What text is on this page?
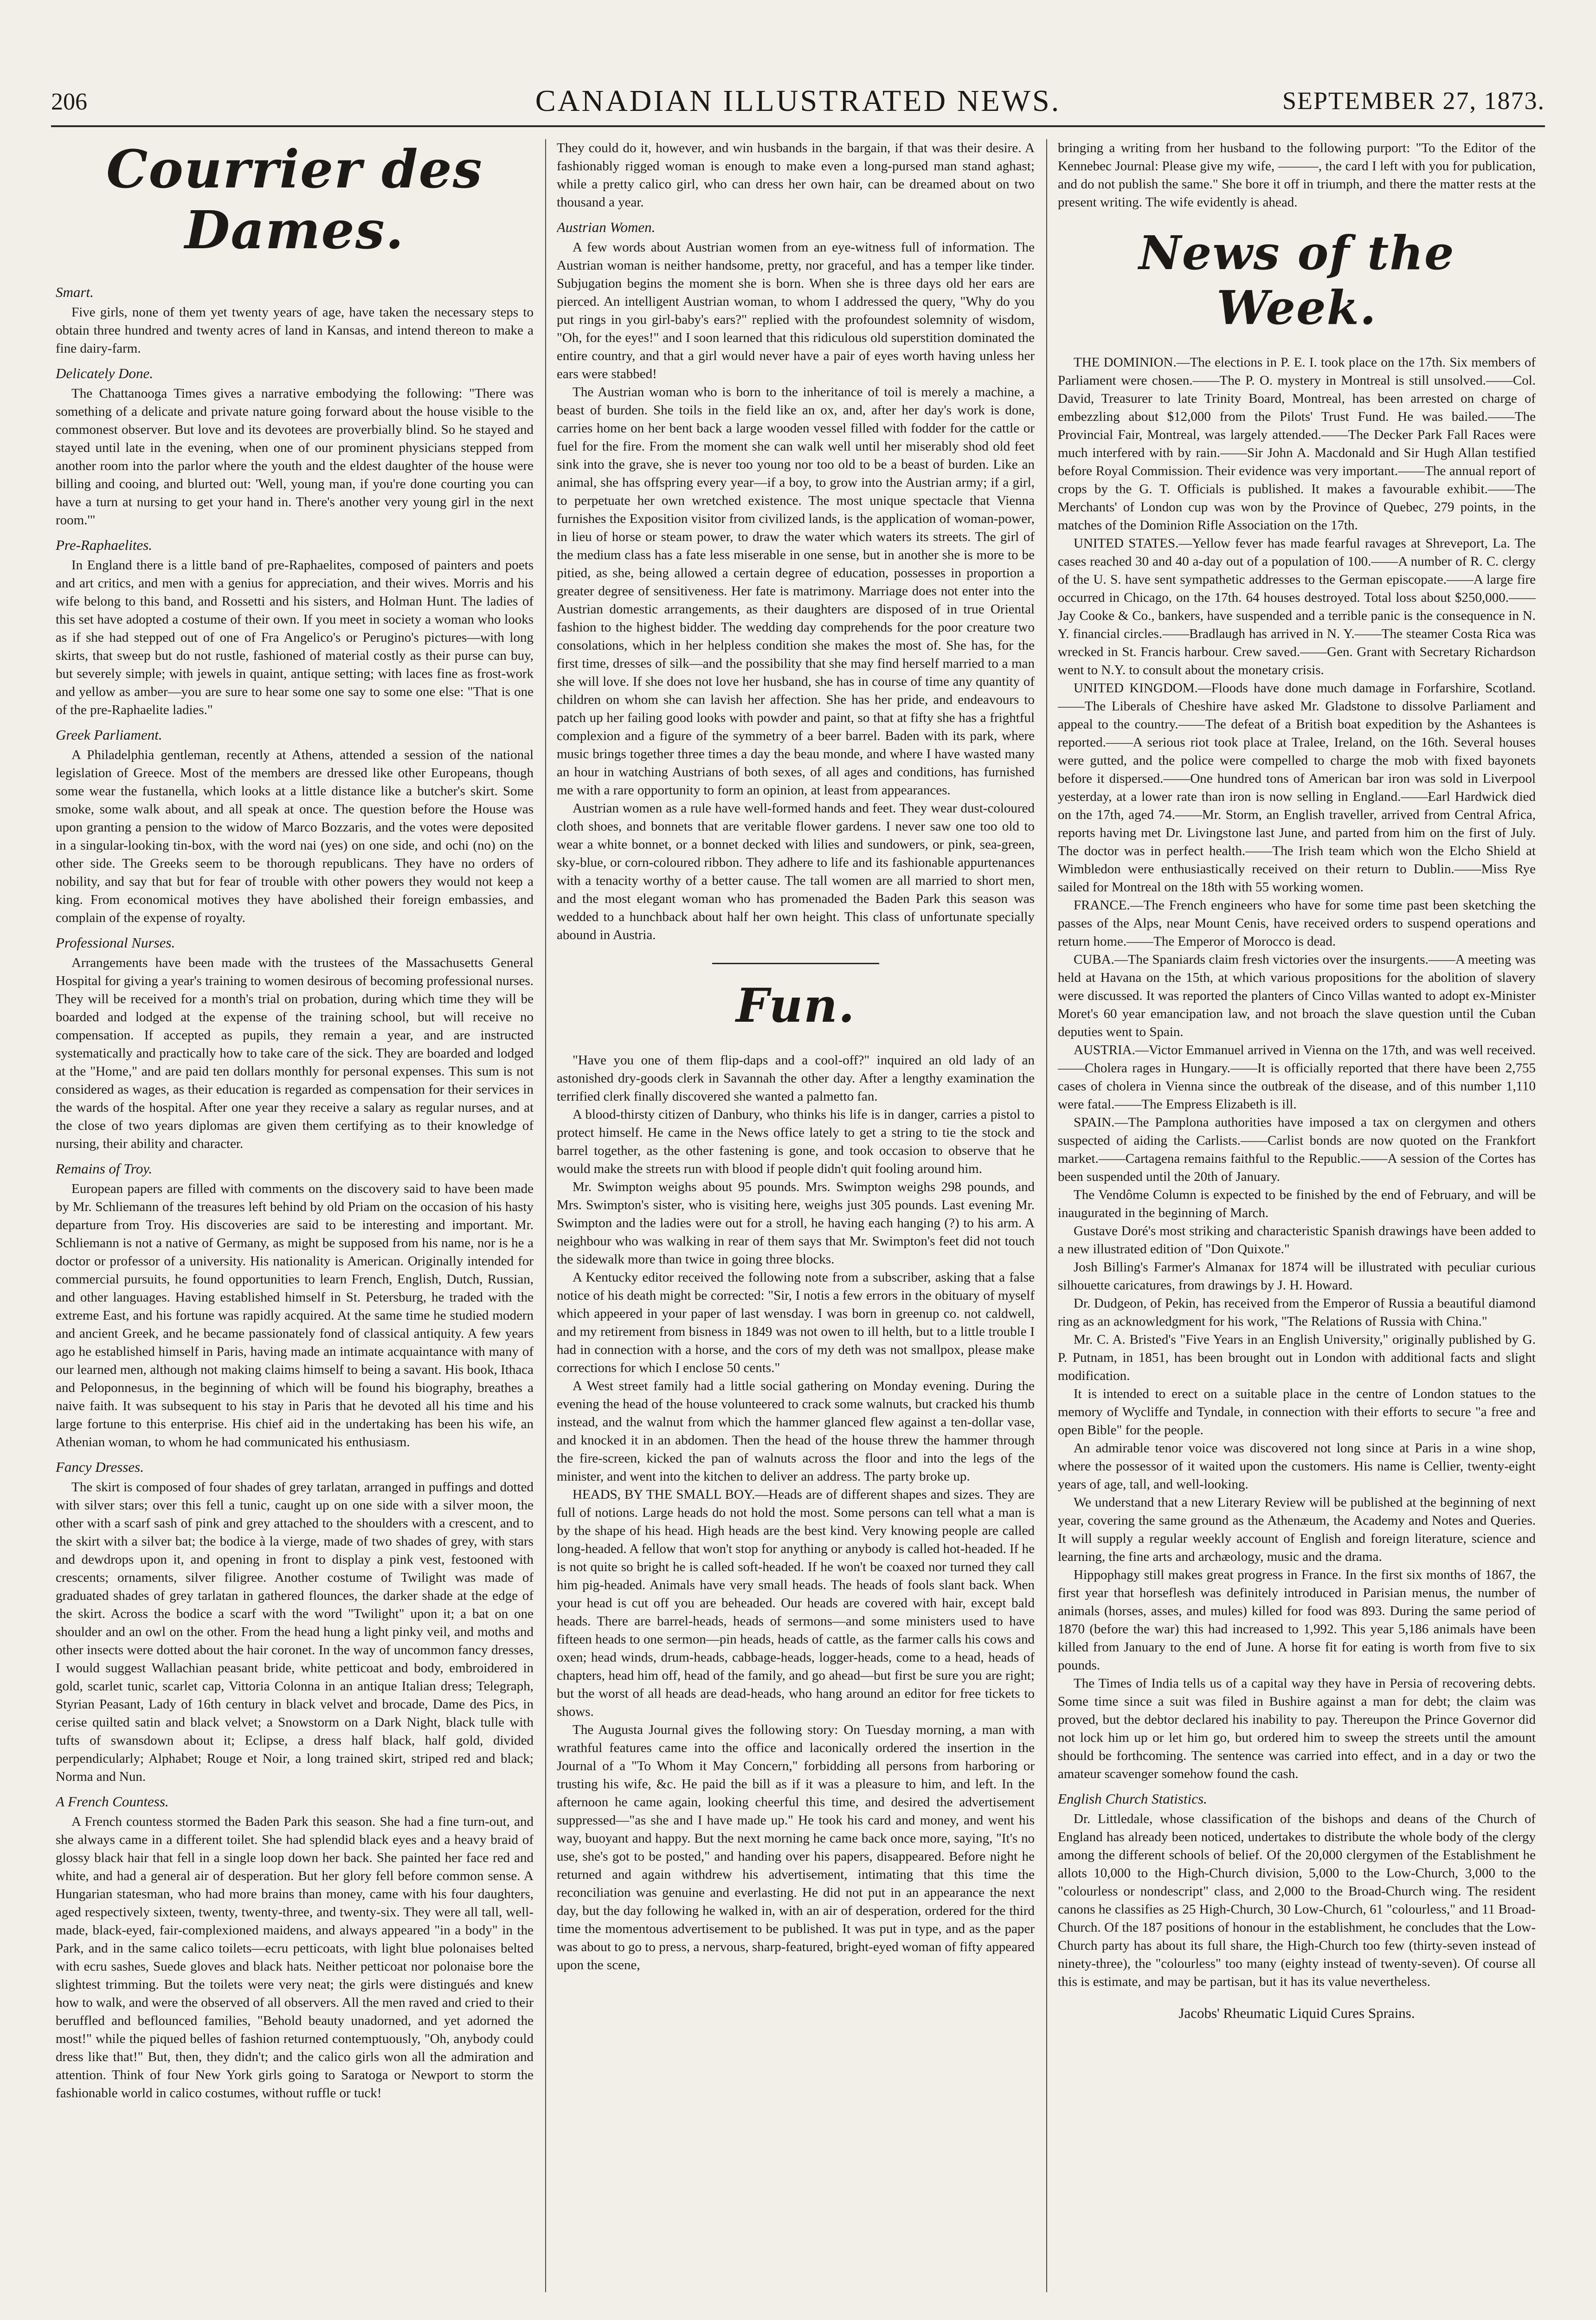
206	CANADIAN ILLUSTRATED NEWS.	SEPTEMBER 27, 1873.
Courrier des Dames.
Smart.

Five girls, none of them yet twenty years of age, have taken the necessary steps to obtain three hundred and twenty acres of land in Kansas, and intend thereon to make a fine dairy-farm.

Delicately Done.

The Chattanooga Times gives a narrative embodying the following: "There was something of a delicate and private nature going forward about the house visible to the commonest observer. But love and its devotees are proverbially blind. So he stayed and stayed until late in the evening, when one of our prominent physicians stepped from another room into the parlor where the youth and the eldest daughter of the house were billing and cooing, and blurted out: 'Well, young man, if you're done courting you can have a turn at nursing to get your hand in. There's another very young girl in the next room.'"

Pre-Raphaelites.

In England there is a little band of pre-Raphaelites, composed of painters and poets and art critics, and men with a genius for appreciation, and their wives. Morris and his wife belong to this band, and Rossetti and his sisters, and Holman Hunt. The ladies of this set have adopted a costume of their own. If you meet in society a woman who looks as if she had stepped out of one of Fra Angelico's or Perugino's pictures—with long skirts, that sweep but do not rustle, fashioned of material costly as their purse can buy, but severely simple; with jewels in quaint, antique setting; with laces fine as frost-work and yellow as amber—you are sure to hear some one say to some one else: "That is one of the pre-Raphaelite ladies."

Greek Parliament.

A Philadelphia gentleman, recently at Athens, attended a session of the national legislation of Greece. Most of the members are dressed like other Europeans, though some wear the fustanella, which looks at a little distance like a butcher's skirt. Some smoke, some walk about, and all speak at once. The question before the House was upon granting a pension to the widow of Marco Bozzaris, and the votes were deposited in a singular-looking tin-box, with the word nai (yes) on one side, and ochi (no) on the other side. The Greeks seem to be thorough republicans. They have no orders of nobility, and say that but for fear of trouble with other powers they would not keep a king. From economical motives they have abolished their foreign embassies, and complain of the expense of royalty.

Professional Nurses.

Arrangements have been made with the trustees of the Massachusetts General Hospital for giving a year's training to women desirous of becoming professional nurses. They will be received for a month's trial on probation, during which time they will be boarded and lodged at the expense of the training school, but will receive no compensation. If accepted as pupils, they remain a year, and are instructed systematically and practically how to take care of the sick. They are boarded and lodged at the "Home," and are paid ten dollars monthly for personal expenses. This sum is not considered as wages, as their education is regarded as compensation for their services in the wards of the hospital. After one year they receive a salary as regular nurses, and at the close of two years diplomas are given them certifying as to their knowledge of nursing, their ability and character.

Remains of Troy.

European papers are filled with comments on the discovery said to have been made by Mr. Schliemann of the treasures left behind by old Priam on the occasion of his hasty departure from Troy. His discoveries are said to be interesting and important. Mr. Schliemann is not a native of Germany, as might be supposed from his name, nor is he a doctor or professor of a university. His nationality is American. Originally intended for commercial pursuits, he found opportunities to learn French, English, Dutch, Russian, and other languages. Having established himself in St. Petersburg, he traded with the extreme East, and his fortune was rapidly acquired. At the same time he studied modern and ancient Greek, and he became passionately fond of classical antiquity. A few years ago he established himself in Paris, having made an intimate acquaintance with many of our learned men, although not making claims himself to being a savant. His book, Ithaca and Peloponnesus, in the beginning of which will be found his biography, breathes a naive faith. It was subsequent to his stay in Paris that he devoted all his time and his large fortune to this enterprise. His chief aid in the undertaking has been his wife, an Athenian woman, to whom he had communicated his enthusiasm.

Fancy Dresses.

The skirt is composed of four shades of grey tarlatan, arranged in puffings and dotted with silver stars; over this fell a tunic, caught up on one side with a silver moon, the other with a scarf sash of pink and grey attached to the shoulders with a crescent, and to the skirt with a silver bat; the bodice à la vierge, made of two shades of grey, with stars and dewdrops upon it, and opening in front to display a pink vest, festooned with crescents; ornaments, silver filigree. Another costume of Twilight was made of graduated shades of grey tarlatan in gathered flounces, the darker shade at the edge of the skirt. Across the bodice a scarf with the word "Twilight" upon it; a bat on one shoulder and an owl on the other. From the head hung a light pinky veil, and moths and other insects were dotted about the hair coronet. In the way of uncommon fancy dresses, I would suggest Wallachian peasant bride, white petticoat and body, embroidered in gold, scarlet tunic, scarlet cap, Vittoria Colonna in an antique Italian dress; Telegraph, Styrian Peasant, Lady of 16th century in black velvet and brocade, Dame des Pics, in cerise quilted satin and black velvet; a Snowstorm on a Dark Night, black tulle with tufts of swansdown about it; Eclipse, a dress half black, half gold, divided perpendicularly; Alphabet; Rouge et Noir, a long trained skirt, striped red and black; Norma and Nun.

A French Countess.

A French countess stormed the Baden Park this season. She had a fine turn-out, and she always came in a different toilet. She had splendid black eyes and a heavy braid of glossy black hair that fell in a single loop down her back. She painted her face red and white, and had a general air of desperation. But her glory fell before common sense. A Hungarian statesman, who had more brains than money, came with his four daughters, aged respectively sixteen, twenty, twenty-three, and twenty-six. They were all tall, well-made, black-eyed, fair-complexioned maidens, and always appeared "in a body" in the Park, and in the same calico toilets—ecru petticoats, with light blue polonaises belted with ecru sashes, Suede gloves and black hats. Neither petticoat nor polonaise bore the slightest trimming. But the toilets were very neat; the girls were distingués and knew how to walk, and were the observed of all observers. All the men raved and cried to their beruffled and beflounced families, "Behold beauty unadorned, and yet adorned the most!" while the piqued belles of fashion returned contemptuously, "Oh, anybody could dress like that!" But, then, they didn't; and the calico girls won all the admiration and attention. Think of four New York girls going to Saratoga or Newport to storm the fashionable world in calico costumes, without ruffle or tuck!

They could do it, however, and win husbands in the bargain, if that was their desire. A fashionably rigged woman is enough to make even a long-pursed man stand aghast; while a pretty calico girl, who can dress her own hair, can be dreamed about on two thousand a year.

Austrian Women.

A few words about Austrian women from an eye-witness full of information. The Austrian woman is neither handsome, pretty, nor graceful, and has a temper like tinder. Subjugation begins the moment she is born. When she is three days old her ears are pierced. An intelligent Austrian woman, to whom I addressed the query, "Why do you put rings in you girl-baby's ears?" replied with the profoundest solemnity of wisdom, "Oh, for the eyes!" and I soon learned that this ridiculous old superstition dominated the entire country, and that a girl would never have a pair of eyes worth having unless her ears were stabbed!

The Austrian woman who is born to the inheritance of toil is merely a machine, a beast of burden. She toils in the field like an ox, and, after her day's work is done, carries home on her bent back a large wooden vessel filled with fodder for the cattle or fuel for the fire. From the moment she can walk well until her miserably shod old feet sink into the grave, she is never too young nor too old to be a beast of burden. Like an animal, she has offspring every year—if a boy, to grow into the Austrian army; if a girl, to perpetuate her own wretched existence. The most unique spectacle that Vienna furnishes the Exposition visitor from civilized lands, is the application of woman-power, in lieu of horse or steam power, to draw the water which waters its streets. The girl of the medium class has a fate less miserable in one sense, but in another she is more to be pitied, as she, being allowed a certain degree of education, possesses in proportion a greater degree of sensitiveness. Her fate is matrimony. Marriage does not enter into the Austrian domestic arrangements, as their daughters are disposed of in true Oriental fashion to the highest bidder. The wedding day comprehends for the poor creature two consolations, which in her helpless condition she makes the most of. She has, for the first time, dresses of silk—and the possibility that she may find herself married to a man she will love. If she does not love her husband, she has in course of time any quantity of children on whom she can lavish her affection. She has her pride, and endeavours to patch up her failing good looks with powder and paint, so that at fifty she has a frightful complexion and a figure of the symmetry of a beer barrel. Baden with its park, where music brings together three times a day the beau monde, and where I have wasted many an hour in watching Austrians of both sexes, of all ages and conditions, has furnished me with a rare opportunity to form an opinion, at least from appearances.

Austrian women as a rule have well-formed hands and feet. They wear dust-coloured cloth shoes, and bonnets that are veritable flower gardens. I never saw one too old to wear a white bonnet, or a bonnet decked with lilies and sundowers, or pink, sea-green, sky-blue, or corn-coloured ribbon. They adhere to life and its fashionable appurtenances with a tenacity worthy of a better cause. The tall women are all married to short men, and the most elegant woman who has promenaded the Baden Park this season was wedded to a hunchback about half her own height. This class of unfortunate specially abound in Austria.

Fun.

"Have you one of them flip-daps and a cool-off?" inquired an old lady of an astonished dry-goods clerk in Savannah the other day. After a lengthy examination the terrified clerk finally discovered she wanted a palmetto fan.

A blood-thirsty citizen of Danbury, who thinks his life is in danger, carries a pistol to protect himself. He came in the News office lately to get a string to tie the stock and barrel together, as the other fastening is gone, and took occasion to observe that he would make the streets run with blood if people didn't quit fooling around him.

Mr. Swimpton weighs about 95 pounds. Mrs. Swimpton weighs 298 pounds, and Mrs. Swimpton's sister, who is visiting here, weighs just 305 pounds. Last evening Mr. Swimpton and the ladies were out for a stroll, he having each hanging (?) to his arm. A neighbour who was walking in rear of them says that Mr. Swimpton's feet did not touch the sidewalk more than twice in going three blocks.

A Kentucky editor received the following note from a subscriber, asking that a false notice of his death might be corrected: "Sir, I notis a few errors in the obituary of myself which appeered in your paper of last wensday. I was born in greenup co. not caldwell, and my retirement from bisness in 1849 was not owen to ill helth, but to a little trouble I had in connection with a horse, and the cors of my deth was not smallpox, please make corrections for which I enclose 50 cents."

A West street family had a little social gathering on Monday evening. During the evening the head of the house volunteered to crack some walnuts, but cracked his thumb instead, and the walnut from which the hammer glanced flew against a ten-dollar vase, and knocked it in an abdomen. Then the head of the house threw the hammer through the fire-screen, kicked the pan of walnuts across the floor and into the legs of the minister, and went into the kitchen to deliver an address. The party broke up.

HEADS, BY THE SMALL BOY.—Heads are of different shapes and sizes. They are full of notions. Large heads do not hold the most. Some persons can tell what a man is by the shape of his head. High heads are the best kind. Very knowing people are called long-headed. A fellow that won't stop for anything or anybody is called hot-headed. If he is not quite so bright he is called soft-headed. If he won't be coaxed nor turned they call him pig-headed. Animals have very small heads. The heads of fools slant back. When your head is cut off you are beheaded. Our heads are covered with hair, except bald heads. There are barrel-heads, heads of sermons—and some ministers used to have fifteen heads to one sermon—pin heads, heads of cattle, as the farmer calls his cows and oxen; head winds, drum-heads, cabbage-heads, logger-heads, come to a head, heads of chapters, head him off, head of the family, and go ahead—but first be sure you are right; but the worst of all heads are dead-heads, who hang around an editor for free tickets to shows.

The Augusta Journal gives the following story: On Tuesday morning, a man with wrathful features came into the office and laconically ordered the insertion in the Journal of a "To Whom it May Concern," forbidding all persons from harboring or trusting his wife, &c. He paid the bill as if it was a pleasure to him, and left. In the afternoon he came again, looking cheerful this time, and desired the advertisement suppressed—"as she and I have made up." He took his card and money, and went his way, buoyant and happy. But the next morning he came back once more, saying, "It's no use, she's got to be posted," and handing over his papers, disappeared. Before night he returned and again withdrew his advertisement, intimating that this time the reconciliation was genuine and everlasting. He did not put in an appearance the next day, but the day following he walked in, with an air of desperation, ordered for the third time the momentous advertisement to be published. It was put in type, and as the paper was about to go to press, a nervous, sharp-featured, bright-eyed woman of fifty appeared upon the scene,

bringing a writing from her husband to the following purport: "To the Editor of the Kennebec Journal: Please give my wife, ———, the card I left with you for publication, and do not publish the same." She bore it off in triumph, and there the matter rests at the present writing. The wife evidently is ahead.

News of the Week.

THE DOMINION.—The elections in P. E. I. took place on the 17th. Six members of Parliament were chosen.——The P. O. mystery in Montreal is still unsolved.——Col. David, Treasurer to late Trinity Board, Montreal, has been arrested on charge of embezzling about $12,000 from the Pilots' Trust Fund. He was bailed.——The Provincial Fair, Montreal, was largely attended.——The Decker Park Fall Races were much interfered with by rain.——Sir John A. Macdonald and Sir Hugh Allan testified before Royal Commission. Their evidence was very important.——The annual report of crops by the G. T. Officials is published. It makes a favourable exhibit.——The Merchants' of London cup was won by the Province of Quebec, 279 points, in the matches of the Dominion Rifle Association on the 17th.

UNITED STATES.—Yellow fever has made fearful ravages at Shreveport, La. The cases reached 30 and 40 a-day out of a population of 100.——A number of R. C. clergy of the U. S. have sent sympathetic addresses to the German episcopate.——A large fire occurred in Chicago, on the 17th. 64 houses destroyed. Total loss about $250,000.——Jay Cooke & Co., bankers, have suspended and a terrible panic is the consequence in N. Y. financial circles.——Bradlaugh has arrived in N. Y.——The steamer Costa Rica was wrecked in St. Francis harbour. Crew saved.——Gen. Grant with Secretary Richardson went to N.Y. to consult about the monetary crisis.

UNITED KINGDOM.—Floods have done much damage in Forfarshire, Scotland.——The Liberals of Cheshire have asked Mr. Gladstone to dissolve Parliament and appeal to the country.——The defeat of a British boat expedition by the Ashantees is reported.——A serious riot took place at Tralee, Ireland, on the 16th. Several houses were gutted, and the police were compelled to charge the mob with fixed bayonets before it dispersed.——One hundred tons of American bar iron was sold in Liverpool yesterday, at a lower rate than iron is now selling in England.——Earl Hardwick died on the 17th, aged 74.——Mr. Storm, an English traveller, arrived from Central Africa, reports having met Dr. Livingstone last June, and parted from him on the first of July. The doctor was in perfect health.——The Irish team which won the Elcho Shield at Wimbledon were enthusiastically received on their return to Dublin.——Miss Rye sailed for Montreal on the 18th with 55 working women.

FRANCE.—The French engineers who have for some time past been sketching the passes of the Alps, near Mount Cenis, have received orders to suspend operations and return home.——The Emperor of Morocco is dead.

CUBA.—The Spaniards claim fresh victories over the insurgents.——A meeting was held at Havana on the 15th, at which various propositions for the abolition of slavery were discussed. It was reported the planters of Cinco Villas wanted to adopt ex-Minister Moret's 60 year emancipation law, and not broach the slave question until the Cuban deputies went to Spain.

AUSTRIA.—Victor Emmanuel arrived in Vienna on the 17th, and was well received.——Cholera rages in Hungary.——It is officially reported that there have been 2,755 cases of cholera in Vienna since the outbreak of the disease, and of this number 1,110 were fatal.——The Empress Elizabeth is ill.

SPAIN.—The Pamplona authorities have imposed a tax on clergymen and others suspected of aiding the Carlists.——Carlist bonds are now quoted on the Frankfort market.——Cartagena remains faithful to the Republic.——A session of the Cortes has been suspended until the 20th of January.

The Vendôme Column is expected to be finished by the end of February, and will be inaugurated in the beginning of March.

Gustave Doré's most striking and characteristic Spanish drawings have been added to a new illustrated edition of "Don Quixote."

Josh Billing's Farmer's Almanax for 1874 will be illustrated with peculiar curious silhouette caricatures, from drawings by J. H. Howard.

Dr. Dudgeon, of Pekin, has received from the Emperor of Russia a beautiful diamond ring as an acknowledgment for his work, "The Relations of Russia with China."

Mr. C. A. Bristed's "Five Years in an English University," originally published by G. P. Putnam, in 1851, has been brought out in London with additional facts and slight modification.

It is intended to erect on a suitable place in the centre of London statues to the memory of Wycliffe and Tyndale, in connection with their efforts to secure "a free and open Bible" for the people.

An admirable tenor voice was discovered not long since at Paris in a wine shop, where the possessor of it waited upon the customers. His name is Cellier, twenty-eight years of age, tall, and well-looking.

We understand that a new Literary Review will be published at the beginning of next year, covering the same ground as the Athenæum, the Academy and Notes and Queries. It will supply a regular weekly account of English and foreign literature, science and learning, the fine arts and archæology, music and the drama.

Hippophagy still makes great progress in France. In the first six months of 1867, the first year that horseflesh was definitely introduced in Parisian menus, the number of animals (horses, asses, and mules) killed for food was 893. During the same period of 1870 (before the war) this had increased to 1,992. This year 5,186 animals have been killed from January to the end of June. A horse fit for eating is worth from five to six pounds.

The Times of India tells us of a capital way they have in Persia of recovering debts. Some time since a suit was filed in Bushire against a man for debt; the claim was proved, but the debtor declared his inability to pay. Thereupon the Prince Governor did not lock him up or let him go, but ordered him to sweep the streets until the amount should be forthcoming. The sentence was carried into effect, and in a day or two the amateur scavenger somehow found the cash.

English Church Statistics.

Dr. Littledale, whose classification of the bishops and deans of the Church of England has already been noticed, undertakes to distribute the whole body of the clergy among the different schools of belief. Of the 20,000 clergymen of the Establishment he allots 10,000 to the High-Church division, 5,000 to the Low-Church, 3,000 to the "colourless or nondescript" class, and 2,000 to the Broad-Church wing. The resident canons he classifies as 25 High-Church, 30 Low-Church, 61 "colourless," and 11 Broad-Church. Of the 187 positions of honour in the establishment, he concludes that the Low-Church party has about its full share, the High-Church too few (thirty-seven instead of ninety-three), the "colourless" too many (eighty instead of twenty-seven). Of course all this is estimate, and may be partisan, but it has its value nevertheless.

Jacobs' Rheumatic Liquid Cures Sprains.
